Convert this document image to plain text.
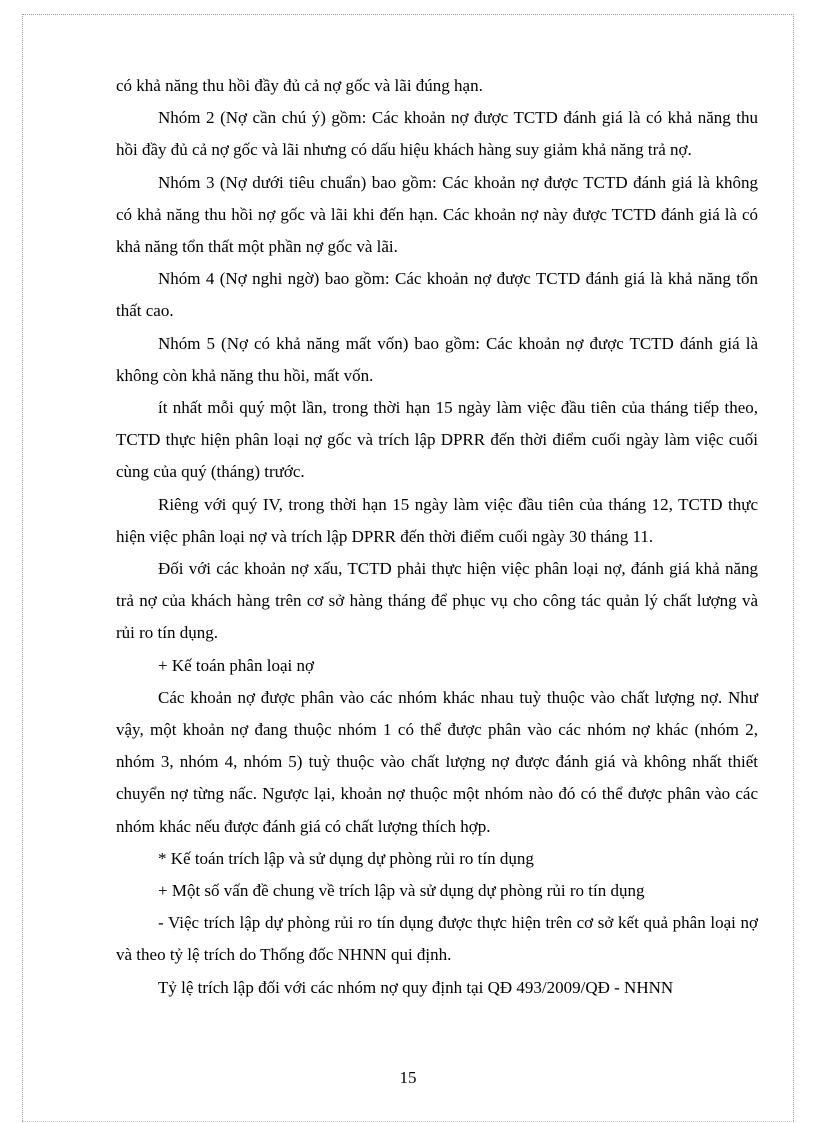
có khả năng thu hồi đầy đủ cả nợ gốc và lãi đúng hạn.

Nhóm 2 (Nợ cần chú ý) gồm: Các khoản nợ được TCTD đánh giá là có khả năng thu hồi đầy đủ cả nợ gốc và lãi nhưng có dấu hiệu khách hàng suy giảm khả năng trả nợ.

Nhóm 3 (Nợ dưới tiêu chuẩn) bao gồm: Các khoản nợ được TCTD đánh giá là không có khả năng thu hồi nợ gốc và lãi khi đến hạn. Các khoản nợ này được TCTD đánh giá là có khả năng tổn thất một phần nợ gốc và lãi.

Nhóm 4 (Nợ nghi ngờ) bao gồm: Các khoản nợ được TCTD đánh giá là khả năng tổn thất cao.

Nhóm 5 (Nợ có khả năng mất vốn) bao gồm: Các khoản nợ được TCTD đánh giá là không còn khả năng thu hồi, mất vốn.

ít nhất mỗi quý một lần, trong thời hạn 15 ngày làm việc đầu tiên của tháng tiếp theo, TCTD thực hiện phân loại nợ gốc và trích lập DPRR đến thời điểm cuối ngày làm việc cuối cùng của quý (tháng) trước.

Riêng với quý IV, trong thời hạn 15 ngày làm việc đầu tiên của tháng 12, TCTD thực hiện việc phân loại nợ và trích lập DPRR đến thời điểm cuối ngày 30 tháng 11.

Đối với các khoản nợ xấu, TCTD phải thực hiện việc phân loại nợ, đánh giá khả năng trả nợ của khách hàng trên cơ sở hàng tháng để phục vụ cho công tác quản lý chất lượng và rủi ro tín dụng.

+ Kế toán phân loại nợ

Các khoản nợ được phân vào các nhóm khác nhau tuỳ thuộc vào chất lượng nợ. Như vậy, một khoản nợ đang thuộc nhóm 1 có thể được phân vào các nhóm nợ khác (nhóm 2, nhóm 3, nhóm 4, nhóm 5) tuỳ thuộc vào chất lượng nợ được đánh giá và không nhất thiết chuyển nợ từng nấc. Ngược lại, khoản nợ thuộc một nhóm nào đó có thể được phân vào các nhóm khác nếu được đánh giá có chất lượng thích hợp.

* Kế toán trích lập và sử dụng dự phòng rủi ro tín dụng

+ Một số vấn đề chung về trích lập và sử dụng dự phòng rủi ro tín dụng

- Việc trích lập dự phòng rủi ro tín dụng được thực hiện trên cơ sở kết quả phân loại nợ và theo tỷ lệ trích do Thống đốc NHNN qui định.

Tỷ lệ trích lập đối với các nhóm nợ quy định tại QĐ 493/2009/QĐ - NHNN

15
